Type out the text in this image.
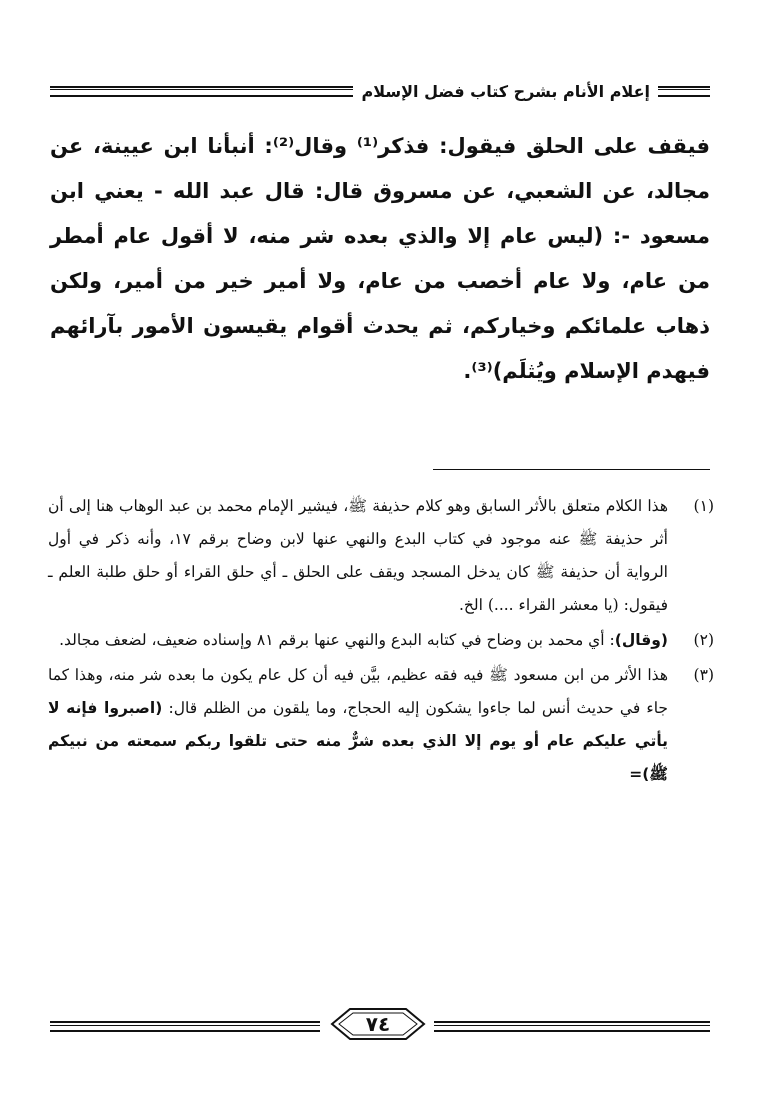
إعلام الأنام بشرح كتاب فضل الإسلام

فيقف على الحلق فيقول: فذكر⁽¹⁾ وقال⁽²⁾: أنبأنا ابن عيينة، عن مجالد، عن الشعبي، عن مسروق قال: قال عبد الله - يعني ابن مسعود -: (ليس عام إلا والذي بعده شر منه، لا أقول عام أمطر من عام، ولا عام أخصب من عام، ولا أمير خير من أمير، ولكن ذهاب علمائكم وخياركم، ثم يحدث أقوام يقيسون الأمور بآرائهم فيهدم الإسلام ويُثلَم)⁽³⁾.

(١)
هذا الكلام متعلق بالأثر السابق وهو كلام حذيفة ﷺ، فيشير الإمام محمد بن عبد الوهاب هنا إلى أن أثر حذيفة ﷺ عنه موجود في كتاب البدع والنهي عنها لابن وضاح برقم ١٧، وأنه ذكر في أول الرواية أن حذيفة ﷺ كان يدخل المسجد ويقف على الحلق ـ أي حلق القراء أو حلق طلبة العلم ـ فيقول: (يا معشر القراء ....) الخ.
(٢)
(وقال): أي محمد بن وضاح في كتابه البدع والنهي عنها برقم ٨١ وإسناده ضعيف، لضعف مجالد.
(٣)
هذا الأثر من ابن مسعود ﷺ فيه فقه عظيم، بيَّن فيه أن كل عام يكون ما بعده شر منه، وهذا كما جاء في حديث أنس لما جاءوا يشكون إليه الحجاج، وما يلقون من الظلم قال: (اصبروا فإنه لا يأتي عليكم عام أو يوم إلا الذي بعده شرٌّ منه حتى تلقوا ربكم سمعته من نبيكم ﷺ)=
٧٤
